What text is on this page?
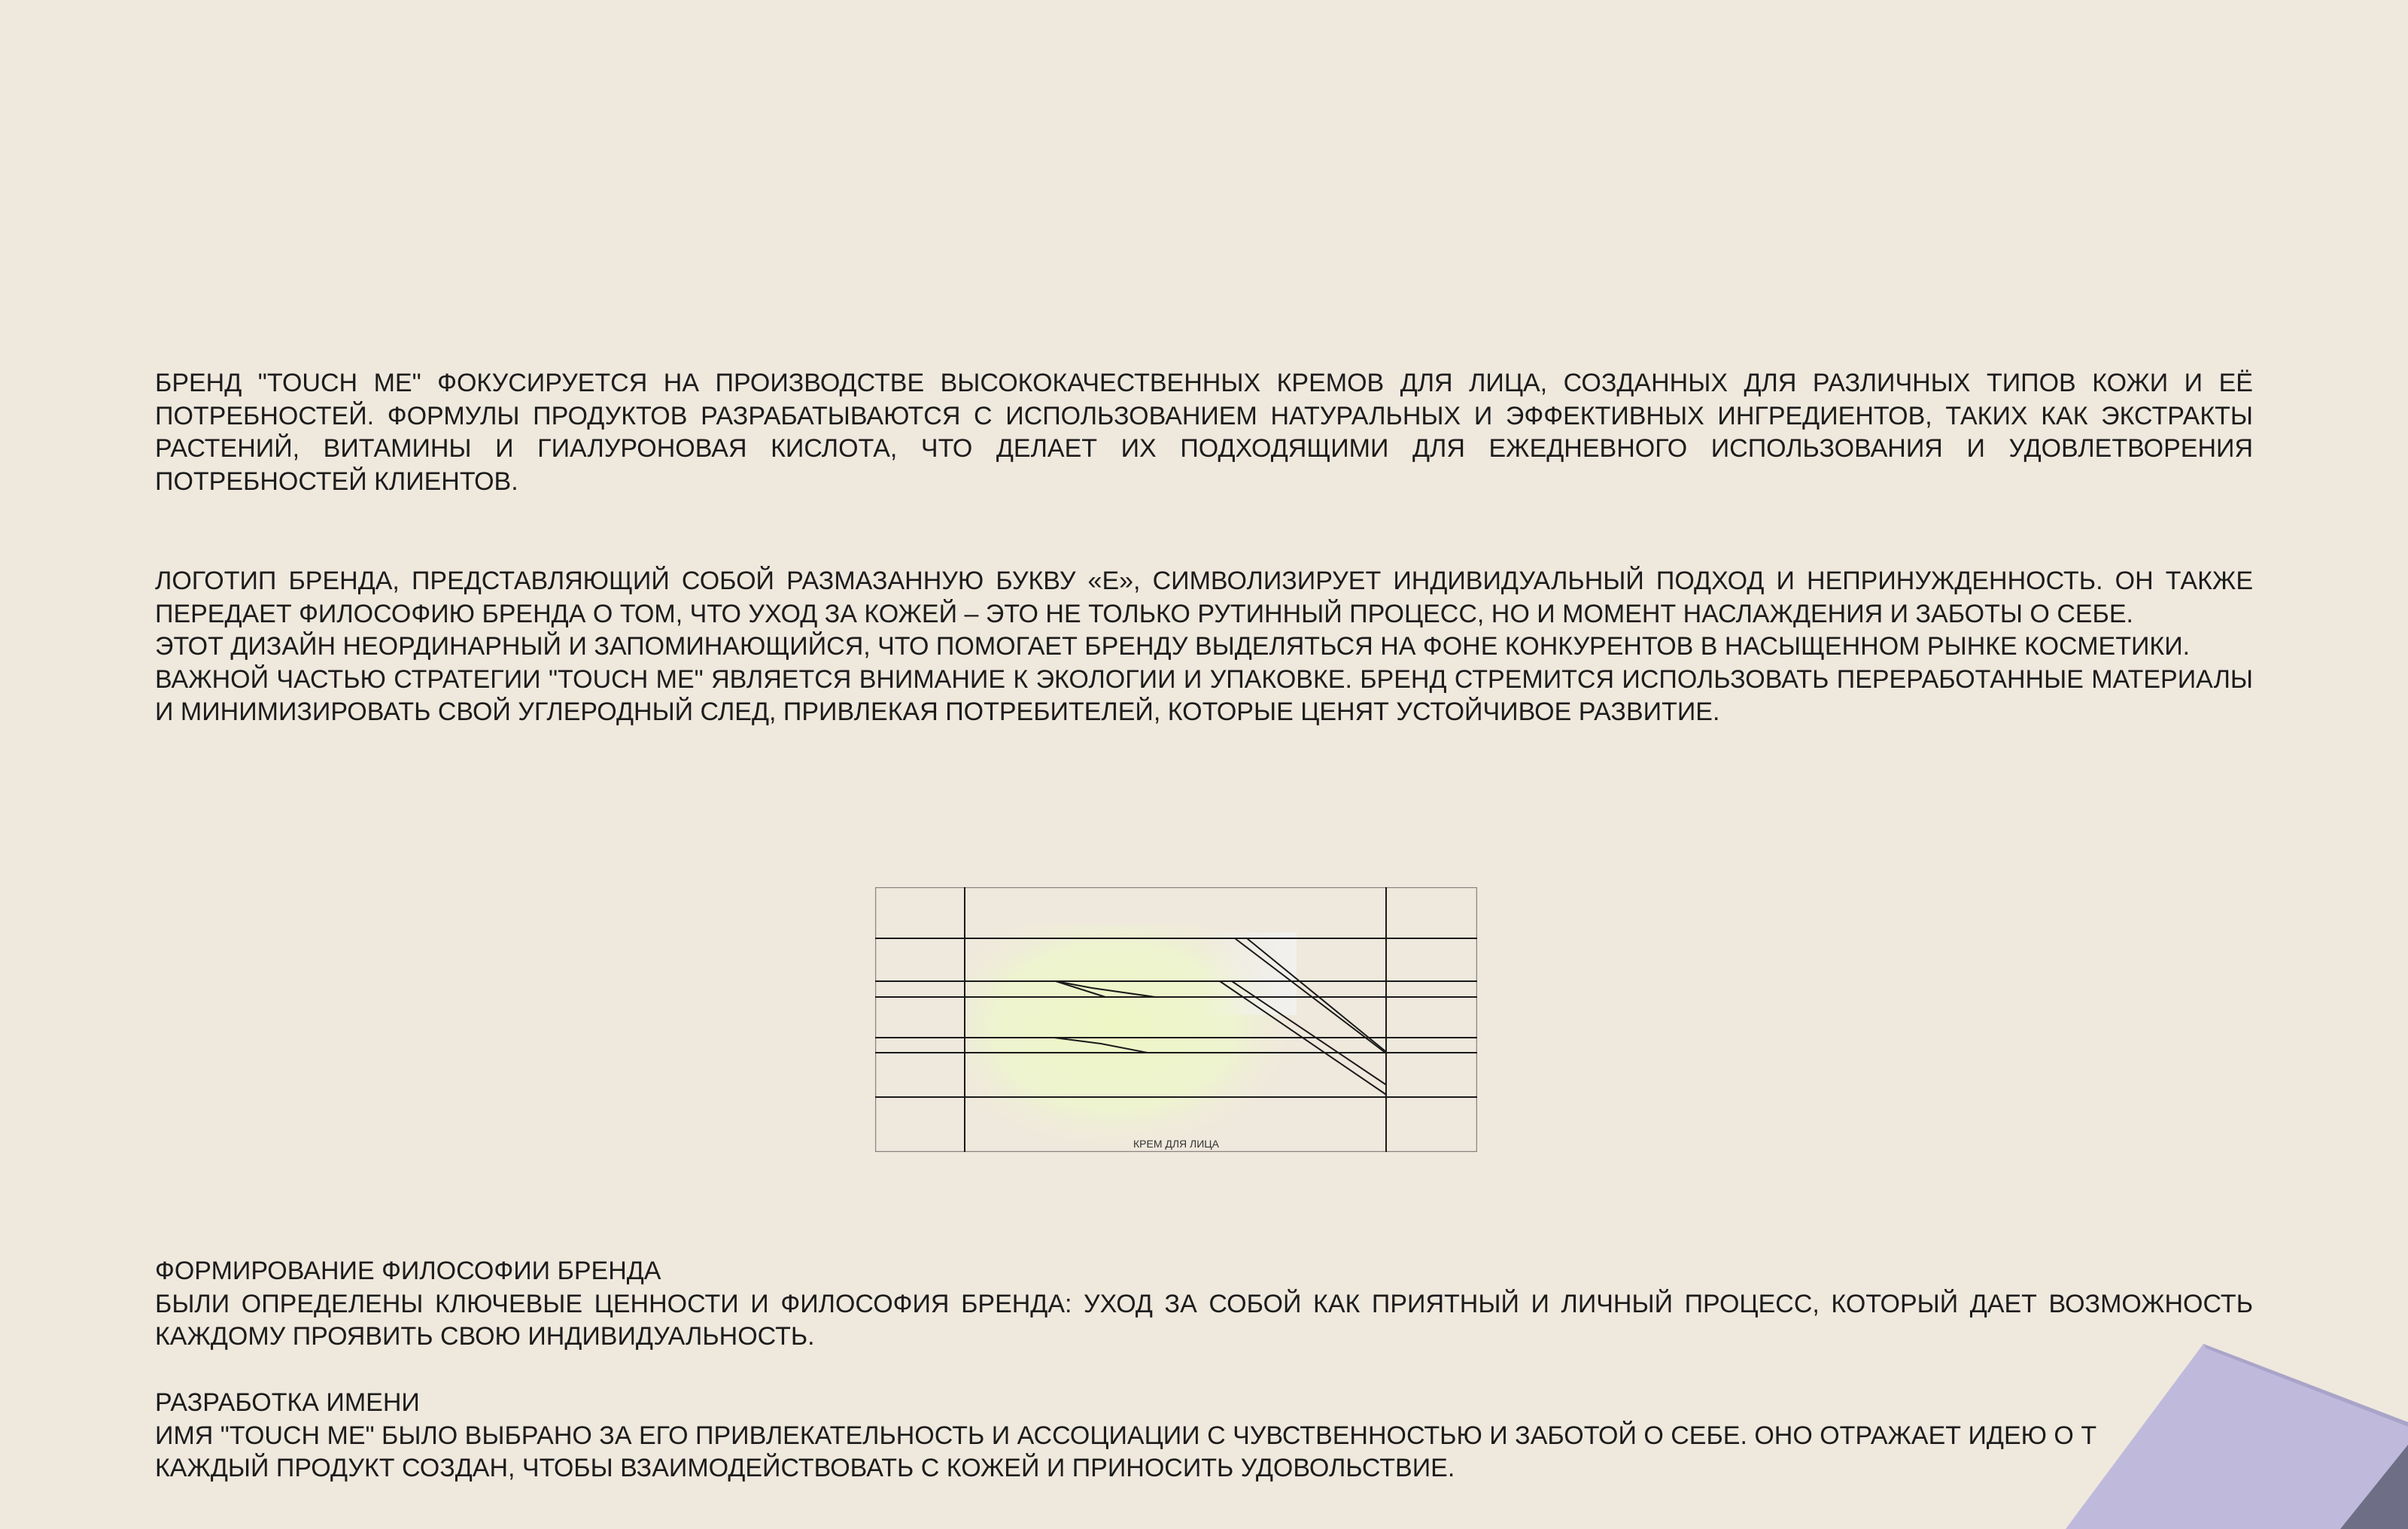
БРЕНД "TOUCH ME" ФОКУСИРУЕТСЯ НА ПРОИЗВОДСТВЕ ВЫСОКОКАЧЕСТВЕННЫХ КРЕМОВ ДЛЯ ЛИЦА, СОЗДАННЫХ ДЛЯ РАЗЛИЧНЫХ ТИПОВ КОЖИ И ЕЁ ПОТРЕБНОСТЕЙ. ФОРМУЛЫ ПРОДУКТОВ РАЗРАБАТЫВАЮТСЯ С ИСПОЛЬЗОВАНИЕМ НАТУРАЛЬНЫХ И ЭФФЕКТИВНЫХ ИНГРЕДИЕНТОВ, ТАКИХ КАК ЭКСТРАКТЫ РАСТЕНИЙ, ВИТАМИНЫ И ГИАЛУРОНОВАЯ КИСЛОТА, ЧТО ДЕЛАЕТ ИХ ПОДХОДЯЩИМИ ДЛЯ ЕЖЕДНЕВНОГО ИСПОЛЬЗОВАНИЯ И УДОВЛЕТВОРЕНИЯ ПОТРЕБНОСТЕЙ КЛИЕНТОВ.

ЛОГОТИП БРЕНДА, ПРЕДСТАВЛЯЮЩИЙ СОБОЙ РАЗМАЗАННУЮ БУКВУ «Е», СИМВОЛИЗИРУЕТ ИНДИВИДУАЛЬНЫЙ ПОДХОД И НЕПРИНУЖДЕННОСТЬ. ОН ТАКЖЕ ПЕРЕДАЕТ ФИЛОСОФИЮ БРЕНДА О ТОМ, ЧТО УХОД ЗА КОЖЕЙ – ЭТО НЕ ТОЛЬКО РУТИННЫЙ ПРОЦЕСС, НО И МОМЕНТ НАСЛАЖДЕНИЯ И ЗАБОТЫ О СЕБЕ.

ЭТОТ ДИЗАЙН НЕОРДИНАРНЫЙ И ЗАПОМИНАЮЩИЙСЯ, ЧТО ПОМОГАЕТ БРЕНДУ ВЫДЕЛЯТЬСЯ НА ФОНЕ КОНКУРЕНТОВ В НАСЫЩЕННОМ РЫНКЕ КОСМЕТИКИ.

ВАЖНОЙ ЧАСТЬЮ СТРАТЕГИИ "TOUCH ME" ЯВЛЯЕТСЯ ВНИМАНИЕ К ЭКОЛОГИИ И УПАКОВКЕ. БРЕНД СТРЕМИТСЯ ИСПОЛЬЗОВАТЬ ПЕРЕРАБОТАННЫЕ МАТЕРИАЛЫ И МИНИМИЗИРОВАТЬ СВОЙ УГЛЕРОДНЫЙ СЛЕД, ПРИВЛЕКАЯ ПОТРЕБИТЕЛЕЙ, КОТОРЫЕ ЦЕНЯТ УСТОЙЧИВОЕ РАЗВИТИЕ.

КРЕМ ДЛЯ ЛИЦА

ФОРМИРОВАНИЕ ФИЛОСОФИИ БРЕНДА

БЫЛИ ОПРЕДЕЛЕНЫ КЛЮЧЕВЫЕ ЦЕННОСТИ И ФИЛОСОФИЯ БРЕНДА: УХОД ЗА СОБОЙ КАК ПРИЯТНЫЙ И ЛИЧНЫЙ ПРОЦЕСС, КОТОРЫЙ ДАЕТ ВОЗМОЖНОСТЬ КАЖДОМУ ПРОЯВИТЬ СВОЮ ИНДИВИДУАЛЬНОСТЬ.

РАЗРАБОТКА ИМЕНИ

ИМЯ "TOUCH ME" БЫЛО ВЫБРАНО ЗА ЕГО ПРИВЛЕКАТЕЛЬНОСТЬ И АССОЦИАЦИИ С ЧУВСТВЕННОСТЬЮ И ЗАБОТОЙ О СЕБЕ. ОНО ОТРАЖАЕТ ИДЕЮ О Т

КАЖДЫЙ ПРОДУКТ СОЗДАН, ЧТОБЫ ВЗАИМОДЕЙСТВОВАТЬ С КОЖЕЙ И ПРИНОСИТЬ УДОВОЛЬСТВИЕ.
